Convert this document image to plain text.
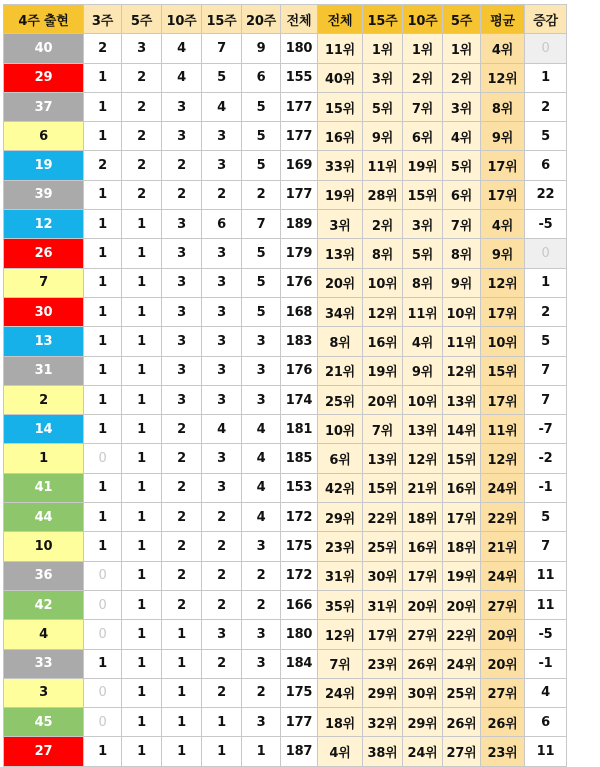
4주 출현	3주	5주	10주	15주	20주	전체	전체	15주	10주	5주	평균	증감
40	2	3	4	7	9	180	11위	1위	1위	1위	4위	0
29	1	2	4	5	6	155	40위	3위	2위	2위	12위	1
37	1	2	3	4	5	177	15위	5위	7위	3위	8위	2
6	1	2	3	3	5	177	16위	9위	6위	4위	9위	5
19	2	2	2	3	5	169	33위	11위	19위	5위	17위	6
39	1	2	2	2	2	177	19위	28위	15위	6위	17위	22
12	1	1	3	6	7	189	3위	2위	3위	7위	4위	-5
26	1	1	3	3	5	179	13위	8위	5위	8위	9위	0
7	1	1	3	3	5	176	20위	10위	8위	9위	12위	1
30	1	1	3	3	5	168	34위	12위	11위	10위	17위	2
13	1	1	3	3	3	183	8위	16위	4위	11위	10위	5
31	1	1	3	3	3	176	21위	19위	9위	12위	15위	7
2	1	1	3	3	3	174	25위	20위	10위	13위	17위	7
14	1	1	2	4	4	181	10위	7위	13위	14위	11위	-7
1	0	1	2	3	4	185	6위	13위	12위	15위	12위	-2
41	1	1	2	3	4	153	42위	15위	21위	16위	24위	-1
44	1	1	2	2	4	172	29위	22위	18위	17위	22위	5
10	1	1	2	2	3	175	23위	25위	16위	18위	21위	7
36	0	1	2	2	2	172	31위	30위	17위	19위	24위	11
42	0	1	2	2	2	166	35위	31위	20위	20위	27위	11
4	0	1	1	3	3	180	12위	17위	27위	22위	20위	-5
33	1	1	1	2	3	184	7위	23위	26위	24위	20위	-1
3	0	1	1	2	2	175	24위	29위	30위	25위	27위	4
45	0	1	1	1	3	177	18위	32위	29위	26위	26위	6
27	1	1	1	1	1	187	4위	38위	24위	27위	23위	11
